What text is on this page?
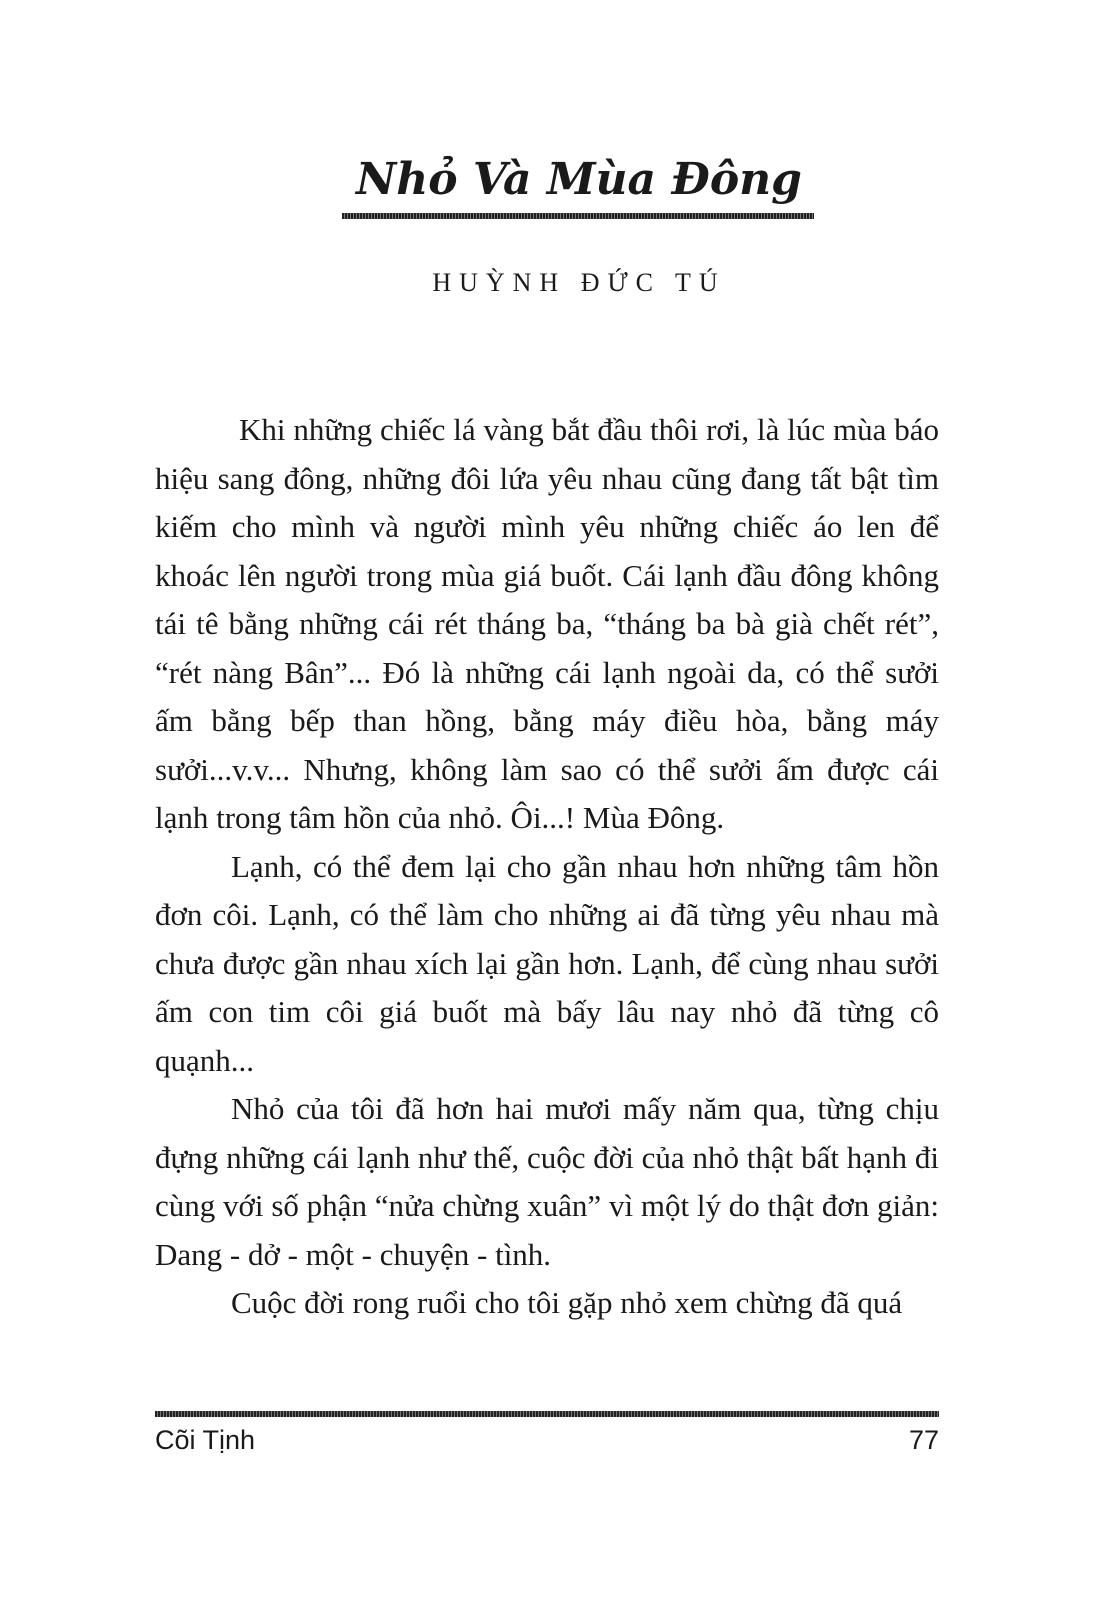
Nhỏ Và Mùa Đông
HUỲNH ĐỨC TÚ

Khi những chiếc lá vàng bắt đầu thôi rơi, là lúc mùa báo hiệu sang đông, những đôi lứa yêu nhau cũng đang tất bật tìm kiếm cho mình và người mình yêu những chiếc áo len để khoác lên người trong mùa giá buốt. Cái lạnh đầu đông không tái tê bằng những cái rét tháng ba, “tháng ba bà già chết rét”, “rét nàng Bân”... Đó là những cái lạnh ngoài da, có thể sưởi ấm bằng bếp than hồng, bằng máy điều hòa, bằng máy sưởi...v.v... Nhưng, không làm sao có thể sưởi ấm được cái lạnh trong tâm hồn của nhỏ. Ôi...! Mùa Đông.

Lạnh, có thể đem lại cho gần nhau hơn những tâm hồn đơn côi. Lạnh, có thể làm cho những ai đã từng yêu nhau mà chưa được gần nhau xích lại gần hơn. Lạnh, để cùng nhau sưởi ấm con tim côi giá buốt mà bấy lâu nay nhỏ đã từng cô quạnh...

Nhỏ của tôi đã hơn hai mươi mấy năm qua, từng chịu đựng những cái lạnh như thế, cuộc đời của nhỏ thật bất hạnh đi cùng với số phận “nửa chừng xuân” vì một lý do thật đơn giản: Dang - dở - một - chuyện - tình.

Cuộc đời rong ruổi cho tôi gặp nhỏ xem chừng đã quá

Cõi Tịnh	77
